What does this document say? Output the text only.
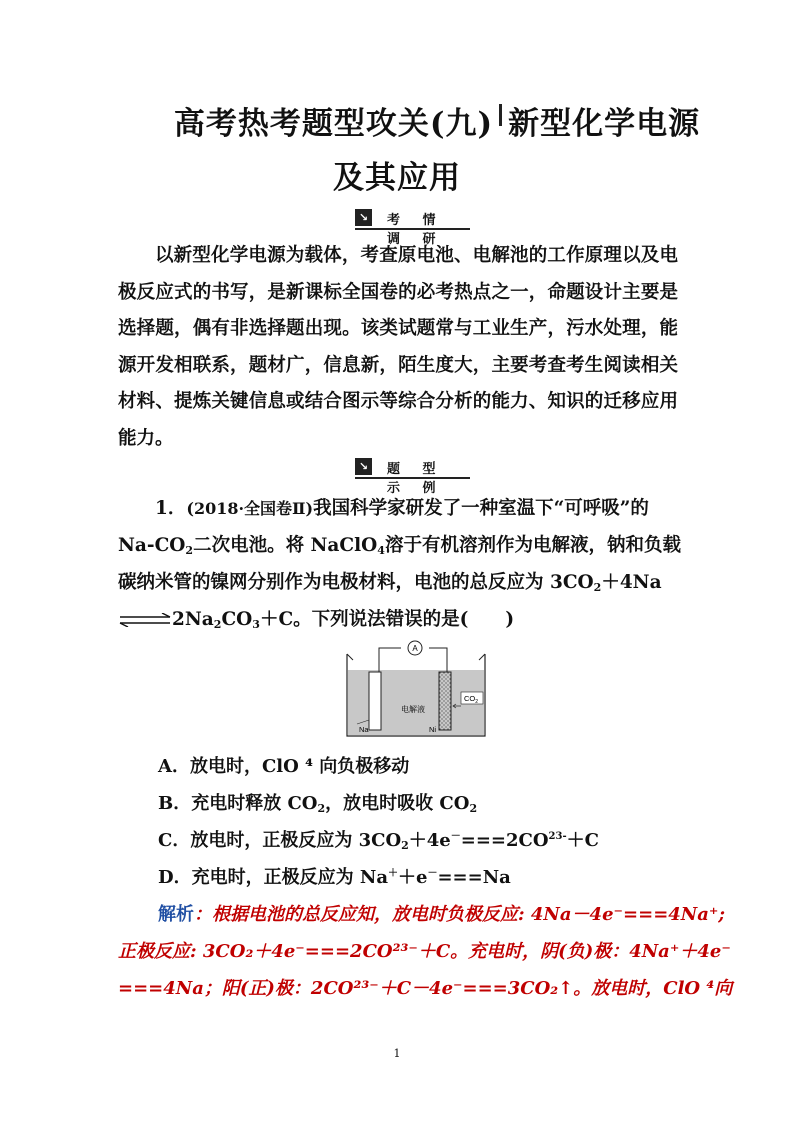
高考热考题型攻关(九) 新型化学电源
及其应用
↘ 考 情 调 研
以新型化学电源为载体，考查原电池、电解池的工作原理以及电极反应式的书写，是新课标全国卷的必考热点之一，命题设计主要是选择题，偶有非选择题出现。该类试题常与工业生产，污水处理，能源开发相联系，题材广，信息新，陌生度大，主要考查考生阅读相关材料、提炼关键信息或结合图示等综合分析的能力、知识的迁移应用能力。
↘ 题 型 示 例
1．(2018·全国卷Ⅱ)我国科学家研发了一种室温下“可呼吸”的
$Na-CO_2$二次电池。将 NaClO$_4$溶于有机溶剂作为电解液，钠和负载
碳纳米管的镍网分别作为电极材料，电池的总反应为 $3CO_2+4Na$
$\rightleftharpoons 2Na_2CO_3+C$。下列说法错误的是(　　)
A
电解液
Na	Ni
$CO_2$
A．放电时，ClO ⁴ 向负极移动
B．充电时释放 $CO_2$，放电时吸收 $CO_2$
C．放电时，正极反应为 $3CO_2+4e^-===2CO^{23-}+C$
D．充电时，正极反应为 Na＋＋e－===Na
解析：根据电池的总反应知，放电时负极反应: 4Na－4e⁻===4Na⁺;
正极反应: 3CO₂＋4e⁻===2CO²³⁻＋C。充电时，阴(负)极：4Na⁺＋4e⁻
===4Na；阳(正)极：2CO²³⁻＋C－4e⁻===3CO₂↑。放电时，ClO ⁴向
1
